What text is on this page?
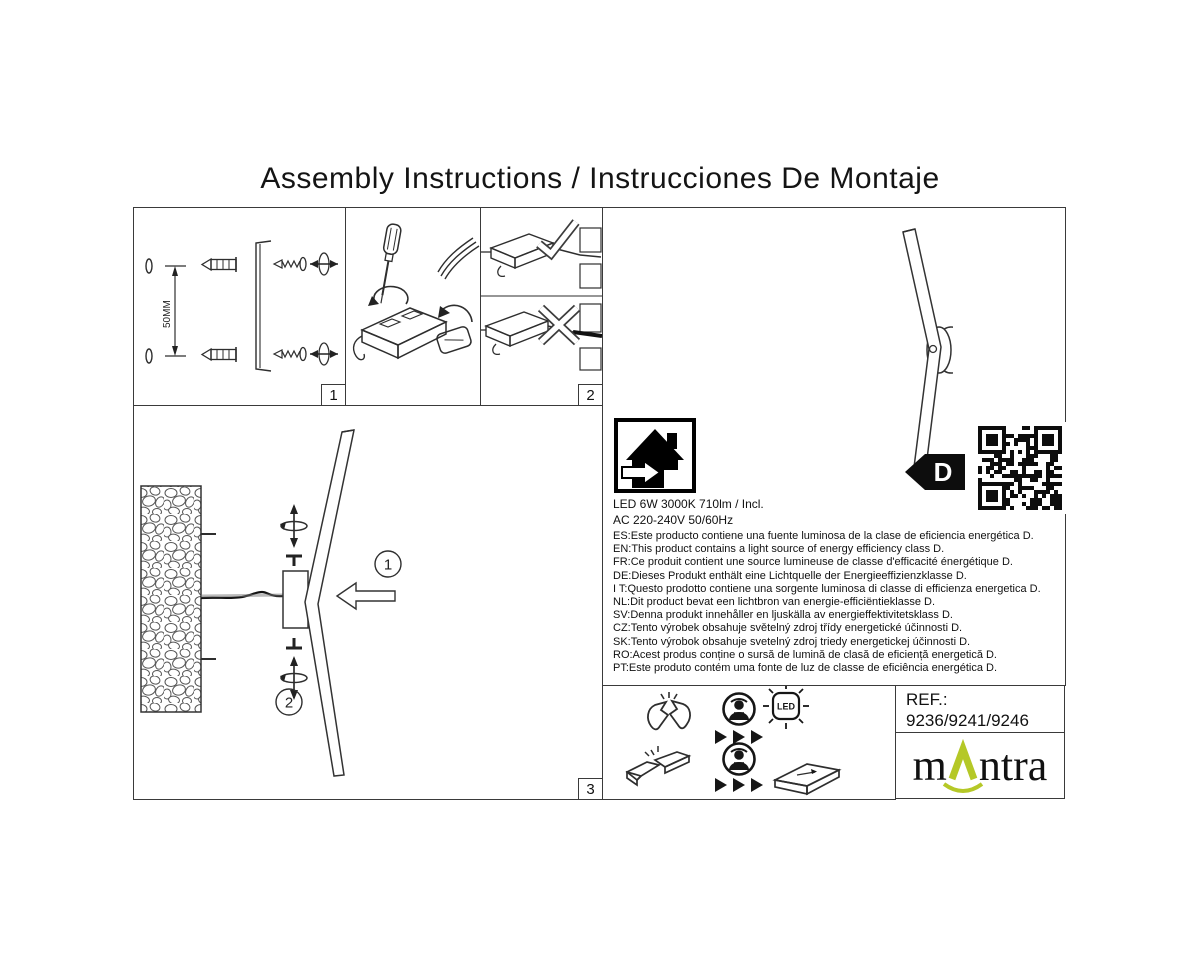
Assembly Instructions / Instrucciones De Montaje
50MM
1	2
1
2
3
D
LED 6W 3000K 710lm / Incl.
AC 220-240V 50/60Hz
ES:Este producto contiene una fuente luminosa de la clase de eficiencia energética D.
EN:This product contains a light source of energy efficiency class D.
FR:Ce produit contient une source lumineuse de classe d'efficacité énergétique D.
DE:Dieses Produkt enthält eine Lichtquelle der Energieeffizienzklasse D.
I T:Questo prodotto contiene una sorgente luminosa di classe di efficienza energetica D.
NL:Dit product bevat een lichtbron van energie-efficiëntieklasse D.
SV:Denna produkt innehåller en ljuskälla av energieffektivitetsklass D.
CZ:Tento výrobek obsahuje světelný zdroj třídy energetické účinnosti D.
SK:Tento výrobok obsahuje svetelný zdroj triedy energetickej účinnosti D.
RO:Acest produs conține o sursă de lumină de clasă de eficiență energetică D.
PT:Este produto contém uma fonte de luz de classe de eficiência energética D.
LED	REF.:
9236/9241/9246
m ntra
